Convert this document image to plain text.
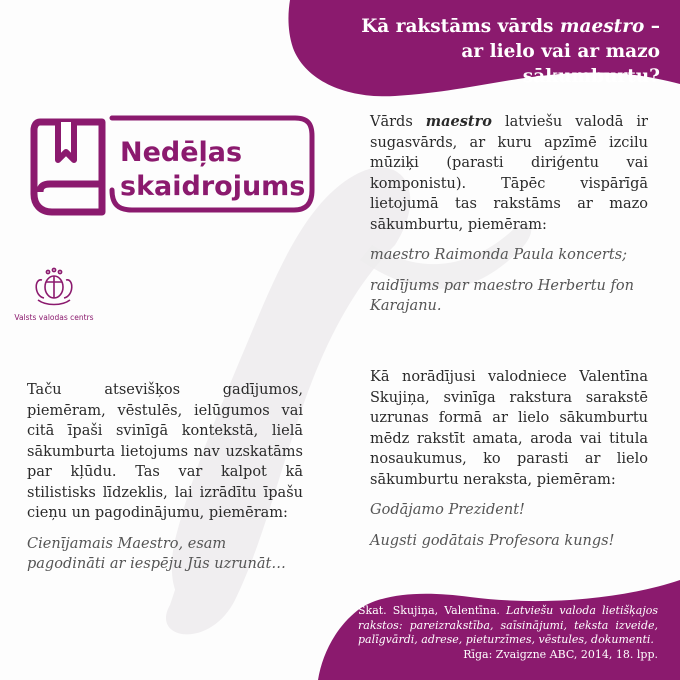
Kā rakstāms vārds maestro – ar lielo vai ar mazo sākumburtu?
Nedēļas
skaidrojums
Valsts valodas centrs

Vārds maestro latviešu valodā ir sugasvārds, ar kuru apzīmē izcilu mūziķi (parasti diriģentu vai komponistu). Tāpēc vispārīgā lietojumā tas rakstāms ar mazo sākumburtu, piemēram:

maestro Raimonda Paula koncerts;

raidījums par maestro Herbertu fon Karajanu.

Kā norādījusi valodniece Valentīna Skujiņa, svinīga rakstura sarakstē uzrunas formā ar lielo sākumburtu mēdz rakstīt amata, aroda vai titula nosaukumus, ko parasti ar lielo sākumburtu neraksta, piemēram:

Godājamo Prezident!

Augsti godātais Profesora kungs!

Taču atsevišķos gadījumos, piemēram, vēstulēs, ielūgumos vai citā īpaši svinīgā kontekstā, lielā sākumburta lietojums nav uzskatāms par kļūdu. Tas var kalpot kā stilistisks līdzeklis, lai izrādītu īpašu cieņu un pagodinājumu, piemēram:

Cienījamais Maestro, esam pagodināti ar iespēju Jūs uzrunāt…

Skat. Skujiņa, Valentīna. Latviešu valoda lietišķajos rakstos: pareizrakstība, saīsinājumi, teksta izveide, palīgvārdi, adrese, pieturzīmes, vēstules, dokumenti.
Rīga: Zvaigzne ABC, 2014, 18. lpp.
